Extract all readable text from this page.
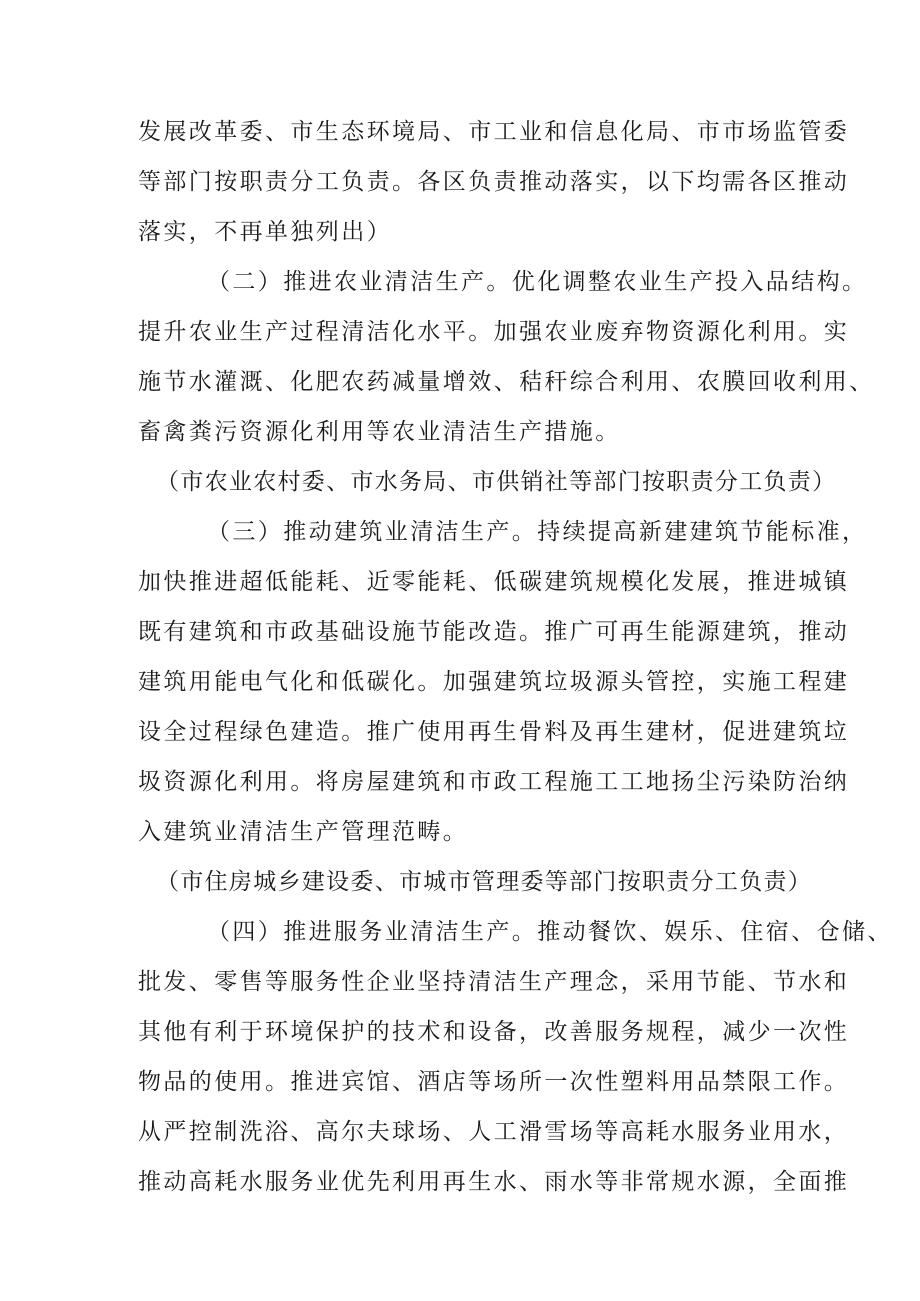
发展改革委、市生态环境局、市工业和信息化局、市市场监管委
等部门按职责分工负责。各区负责推动落实，以下均需各区推动
落实，不再单独列出）
（二）推进农业清洁生产。优化调整农业生产投入品结构。
提升农业生产过程清洁化水平。加强农业废弃物资源化利用。实
施节水灌溉、化肥农药减量增效、秸秆综合利用、农膜回收利用、
畜禽粪污资源化利用等农业清洁生产措施。
（市农业农村委、市水务局、市供销社等部门按职责分工负责）
（三）推动建筑业清洁生产。持续提高新建建筑节能标准，
加快推进超低能耗、近零能耗、低碳建筑规模化发展，推进城镇
既有建筑和市政基础设施节能改造。推广可再生能源建筑，推动
建筑用能电气化和低碳化。加强建筑垃圾源头管控，实施工程建
设全过程绿色建造。推广使用再生骨料及再生建材，促进建筑垃
圾资源化利用。将房屋建筑和市政工程施工工地扬尘污染防治纳
入建筑业清洁生产管理范畴。
（市住房城乡建设委、市城市管理委等部门按职责分工负责）
（四）推进服务业清洁生产。推动餐饮、娱乐、住宿、仓储、
批发、零售等服务性企业坚持清洁生产理念，采用节能、节水和
其他有利于环境保护的技术和设备，改善服务规程，减少一次性
物品的使用。推进宾馆、酒店等场所一次性塑料用品禁限工作。
从严控制洗浴、高尔夫球场、人工滑雪场等高耗水服务业用水，
推动高耗水服务业优先利用再生水、雨水等非常规水源，全面推
